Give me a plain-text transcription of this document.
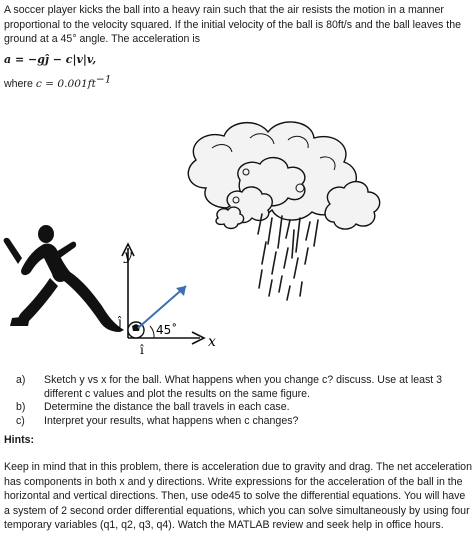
A soccer player kicks the ball into a heavy rain such that the air resists the motion in a manner proportional to the velocity squared. If the initial velocity of the ball is 80ft/s and the ball leaves the ground at a 45° angle. The acceleration is

a = −gĵ − c|v|v,
where $c = 0.001ft^{-1}$
y
x
ĵ
î
45˚
a)	Sketch y vs x for the ball. What happens when you change c? discuss. Use at least 3 different c values and plot the results on the same figure.
b)	Determine the distance the ball travels in each case.
c)	Interpret your results, what happens when c changes?
Hints:

Keep in mind that in this problem, there is acceleration due to gravity and drag. The net acceleration has components in both x and y directions. Write expressions for the acceleration of the ball in the horizontal and vertical directions. Then, use ode45 to solve the differential equations. You will have a system of 2 second order differential equations, which you can solve simultaneously by using four temporary variables (q1, q2, q3, q4). Watch the MATLAB review and seek help in office hours.
